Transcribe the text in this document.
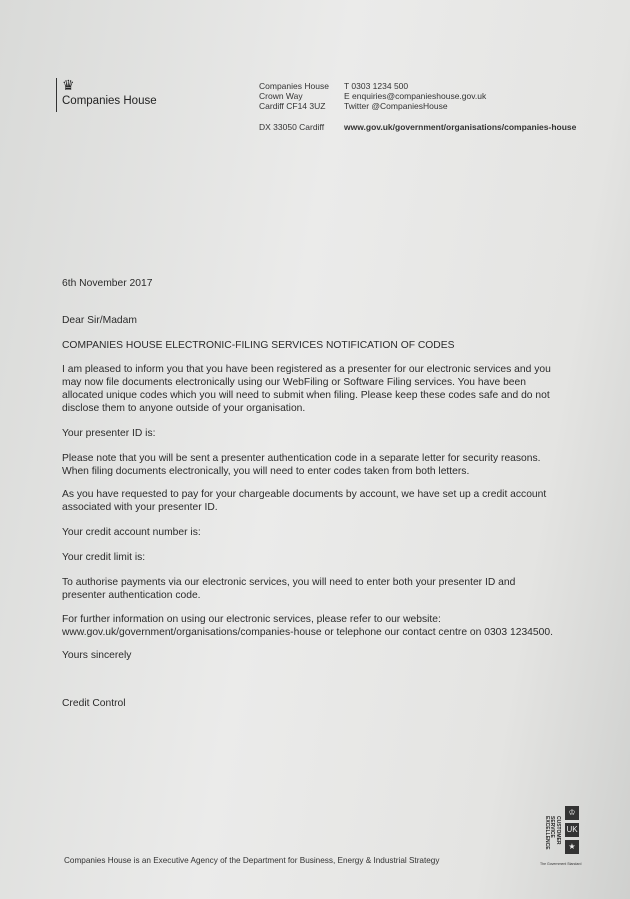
♛
Companies House
Companies House
Crown Way
Cardiff CF14 3UZ
T 0303 1234 500
E enquiries@companieshouse.gov.uk
Twitter @CompaniesHouse
DX 33050 Cardiff www.gov.uk/government/organisations/companies-house
6th November 2017
Dear Sir/Madam
COMPANIES HOUSE ELECTRONIC-FILING SERVICES NOTIFICATION OF CODES
I am pleased to inform you that you have been registered as a presenter for our electronic services and you
may now file documents electronically using our WebFiling or Software Filing services. You have been
allocated unique codes which you will need to submit when filing. Please keep these codes safe and do not
disclose them to anyone outside of your organisation.
Your presenter ID is:
Please note that you will be sent a presenter authentication code in a separate letter for security reasons.
When filing documents electronically, you will need to enter codes taken from both letters.
As you have requested to pay for your chargeable documents by account, we have set up a credit account
associated with your presenter ID.
Your credit account number is:
Your credit limit is:
To authorise payments via our electronic services, you will need to enter both your presenter ID and
presenter authentication code.
For further information on using our electronic services, please refer to our website:
www.gov.uk/government/organisations/companies-house or telephone our contact centre on 0303 1234500.
Yours sincerely
Credit Control
CUSTOMER SERVICE EXCELLENCE
♔
UK
★
The Government Standard
Companies House is an Executive Agency of the Department for Business, Energy & Industrial Strategy
